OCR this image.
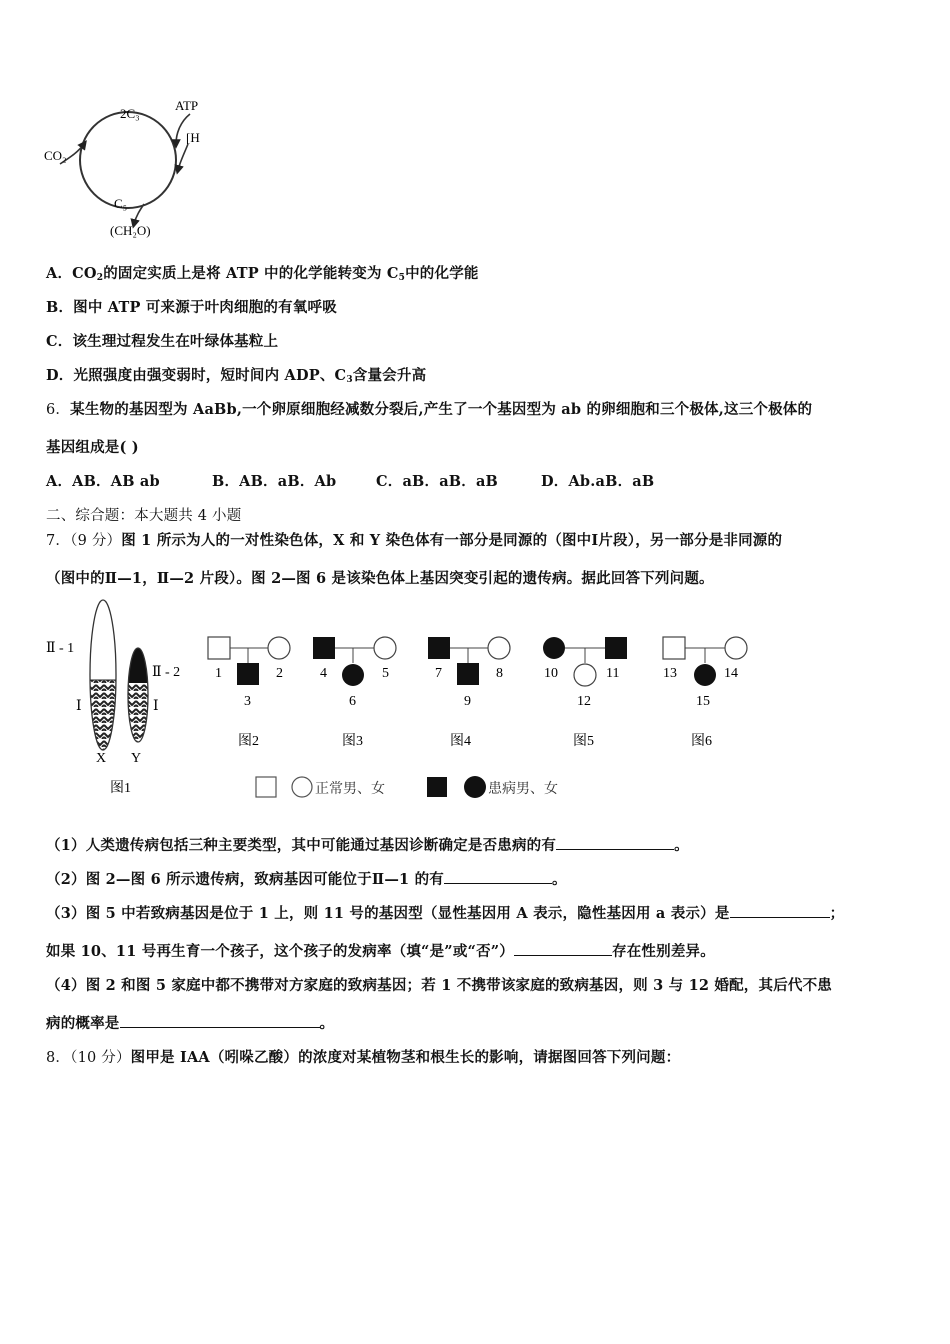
2C₃
ATP
[H
CO₂
C₅
(CH₂O)
A．$CO_2$的固定实质上是将 ATP 中的化学能转变为 $C_5$中的化学能
B．图中 ATP 可来源于叶肉细胞的有氧呼吸
C．该生理过程发生在叶绿体基粒上
D．光照强度由强变弱时，短时间内 ADP、$C_3$含量会升高
6．某生物的基因型为 AaBb,一个卵原细胞经减数分裂后,产生了一个基因型为 ab 的卵细胞和三个极体,这三个极体的
基因组成是( )
A．AB．AB ab	B．AB．aB．Ab	C．aB．aB．aB	D．Ab.aB．aB
二、综合题：本大题共 4 小题
7．（9 分）图 1 所示为人的一对性染色体，X 和 Y 染色体有一部分是同源的（图中Ⅰ片段），另一部分是非同源的
（图中的Ⅱ—1，Ⅱ—2 片段）。图 2—图 6 是该染色体上基因突变引起的遗传病。据此回答下列问题。
Ⅱ - 1
Ⅱ - 2
Ⅰ	Ⅰ
X Y
图1
1	2
3
图2
4	5
6
图3
7	8
9
图4
10	11
12
图5
13	14
15
图6
正常男、女	患病男、女
（1）人类遗传病包括三种主要类型，其中可能通过基因诊断确定是否患病的有	。
（2）图 2—图 6 所示遗传病，致病基因可能位于Ⅱ—1 的有	。
（3）图 5 中若致病基因是位于 1 上，则 11 号的基因型（显性基因用 A 表示，隐性基因用 a 表示）是	；
如果 10、11 号再生育一个孩子，这个孩子的发病率（填“是”或“否”）	存在性别差异。
（4）图 2 和图 5 家庭中都不携带对方家庭的致病基因；若 1 不携带该家庭的致病基因，则 3 与 12 婚配，其后代不患
病的概率是	。
8．（10 分）图甲是 IAA（吲哚乙酸）的浓度对某植物茎和根生长的影响，请据图回答下列问题：
